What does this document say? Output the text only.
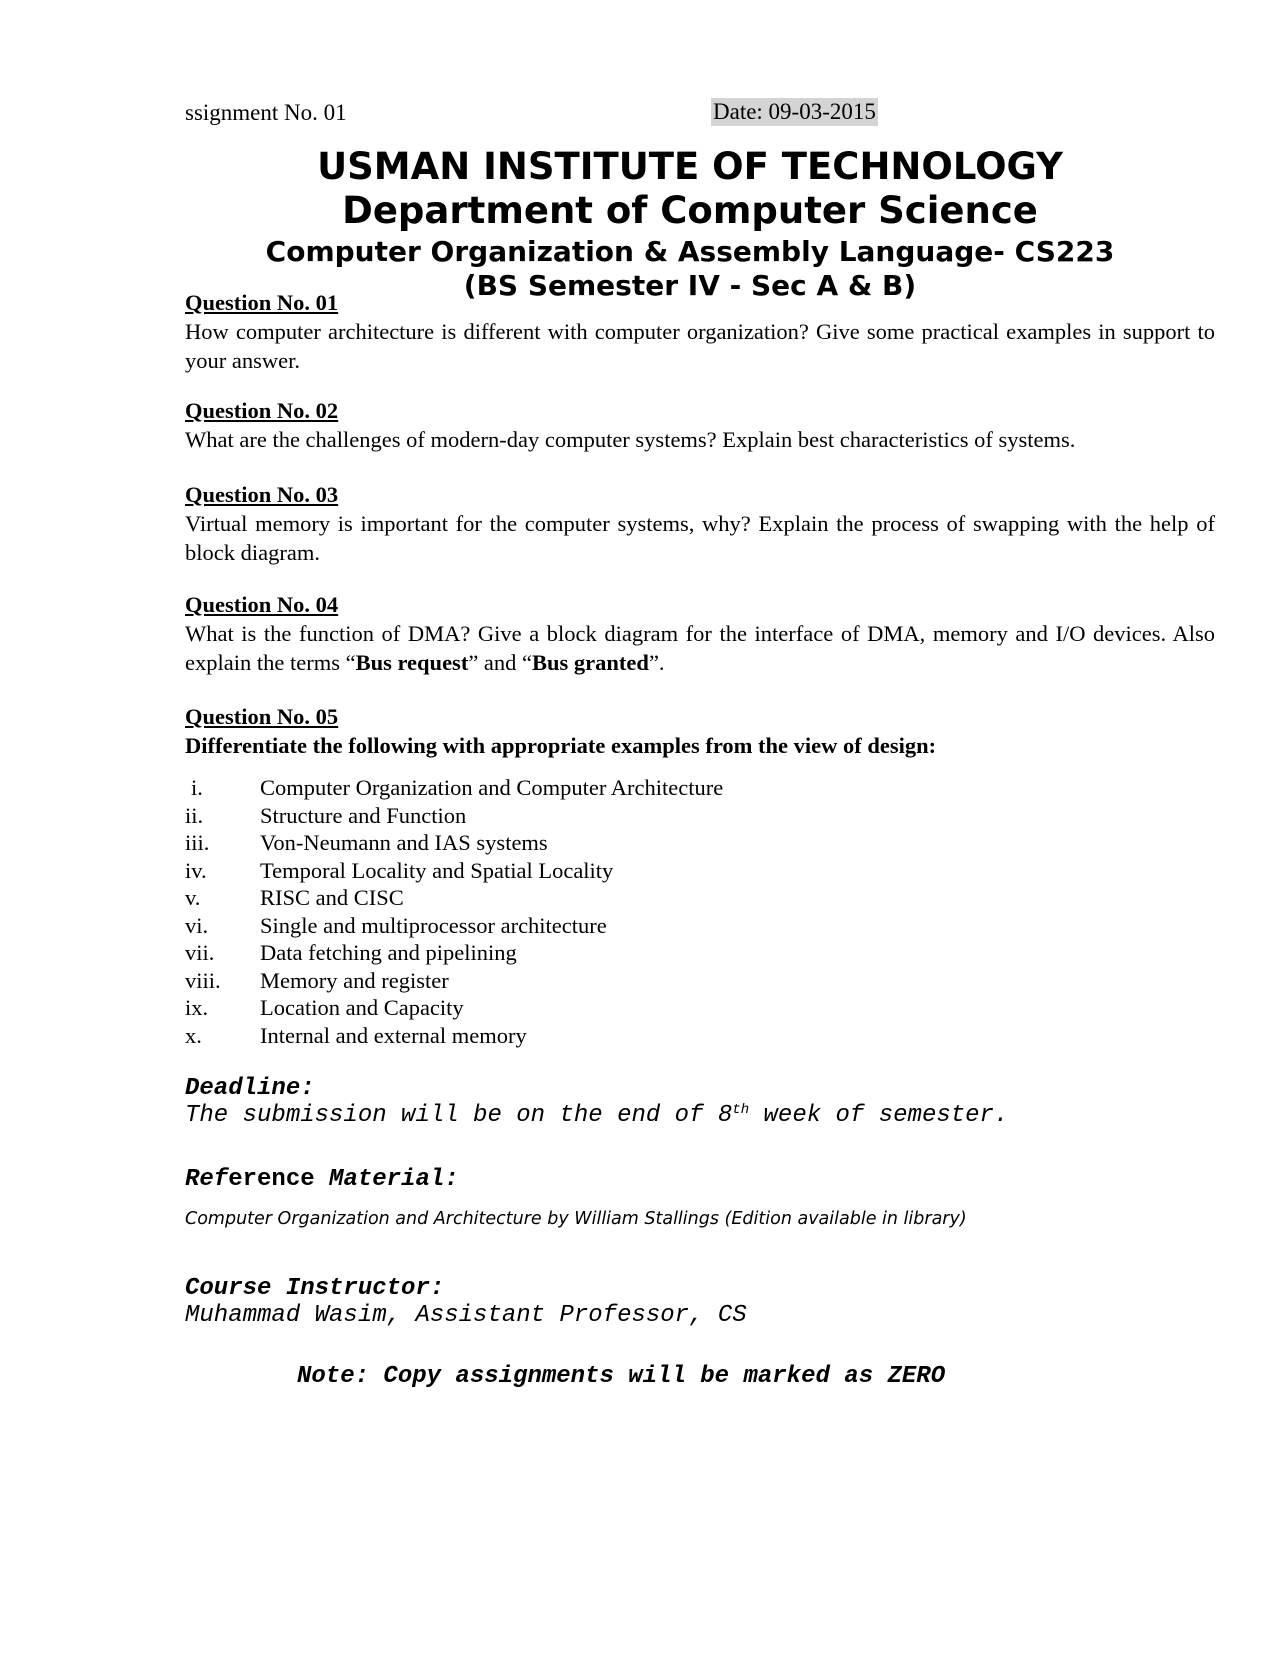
ssignment No. 01	Date: 09-03-2015
USMAN INSTITUTE OF TECHNOLOGY
Department of Computer Science
Computer Organization & Assembly Language- CS223
(BS Semester IV - Sec A & B)
Question No. 01
How computer architecture is different with computer organization? Give some practical examples in support to your answer.
Question No. 02
What are the challenges of modern-day computer systems? Explain best characteristics of systems.
Question No. 03
Virtual memory is important for the computer systems, why? Explain the process of swapping with the help of block diagram.
Question No. 04
What is the function of DMA? Give a block diagram for the interface of DMA, memory and I/O devices. Also explain the terms “Bus request” and “Bus granted”.
Question No. 05
Differentiate the following with appropriate examples from the view of design:
i.	Computer Organization and Computer Architecture
ii.	Structure and Function
iii. Von-Neumann and IAS systems
iv. Temporal Locality and Spatial Locality
v.	RISC and CISC
vi. Single and multiprocessor architecture
vii. Data fetching and pipelining
viii. Memory and register
ix. Location and Capacity
x.	Internal and external memory
Deadline:
The submission will be on the end of 8th week of semester.
Reference Material:
Computer Organization and Architecture by William Stallings (Edition available in library)
Course Instructor:
Muhammad Wasim, Assistant Professor, CS
Note: Copy assignments will be marked as ZERO
